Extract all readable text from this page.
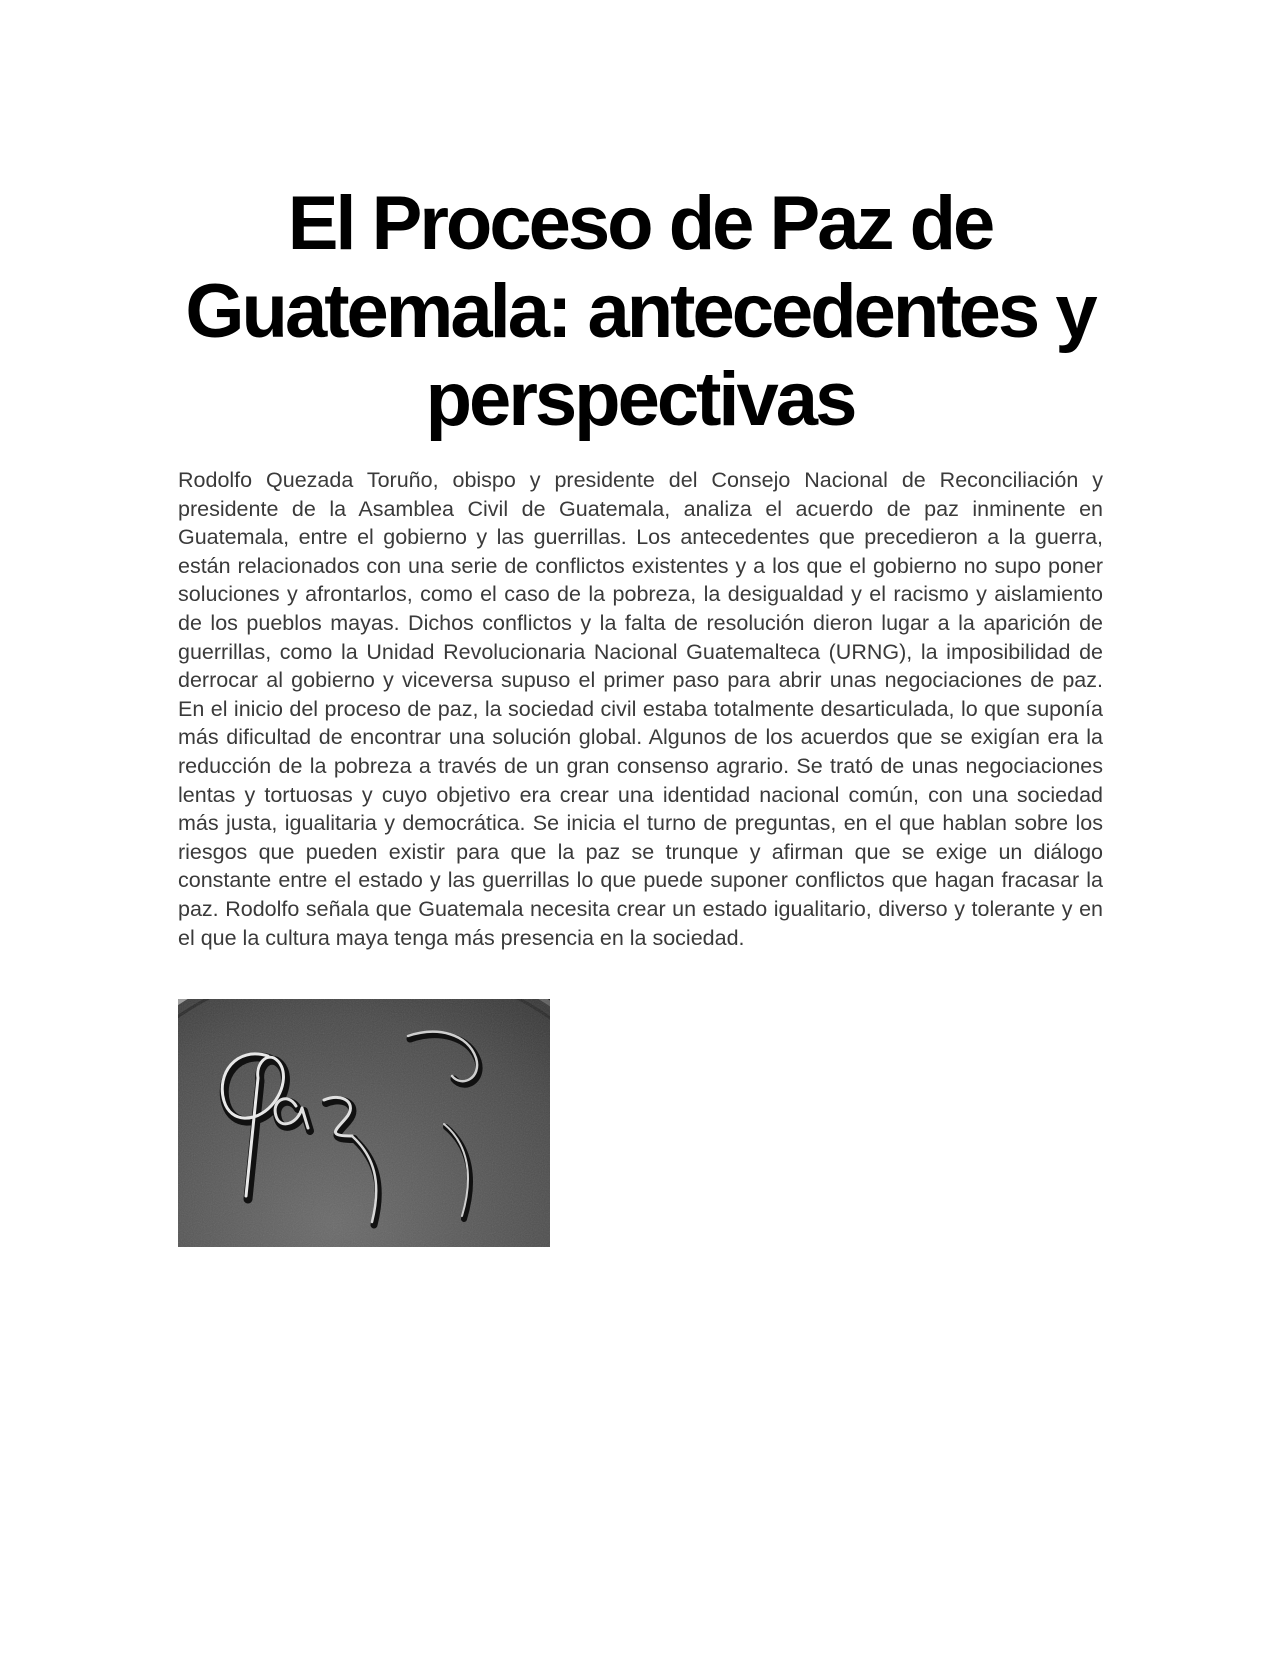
El Proceso de Paz de Guatemala: antecedentes y perspectivas

Rodolfo Quezada Toruño, obispo y presidente del Consejo Nacional de Reconciliación y presidente de la Asamblea Civil de Guatemala, analiza el acuerdo de paz inminente en Guatemala, entre el gobierno y las guerrillas. Los antecedentes que precedieron a la guerra, están relacionados con una serie de conflictos existentes y a los que el gobierno no supo poner soluciones y afrontarlos, como el caso de la pobreza, la desigualdad y el racismo y aislamiento de los pueblos mayas. Dichos conflictos y la falta de resolución dieron lugar a la aparición de guerrillas, como la Unidad Revolucionaria Nacional Guatemalteca (URNG), la imposibilidad de derrocar al gobierno y viceversa supuso el primer paso para abrir unas negociaciones de paz. En el inicio del proceso de paz, la sociedad civil estaba totalmente desarticulada, lo que suponía más dificultad de encontrar una solución global. Algunos de los acuerdos que se exigían era la reducción de la pobreza a través de un gran consenso agrario. Se trató de unas negociaciones lentas y tortuosas y cuyo objetivo era crear una identidad nacional común, con una sociedad más justa, igualitaria y democrática. Se inicia el turno de preguntas, en el que hablan sobre los riesgos que pueden existir para que la paz se trunque y afirman que se exige un diálogo constante entre el estado y las guerrillas lo que puede suponer conflictos que hagan fracasar la paz. Rodolfo señala que Guatemala necesita crear un estado igualitario, diverso y tolerante y en el que la cultura maya tenga más presencia en la sociedad.
